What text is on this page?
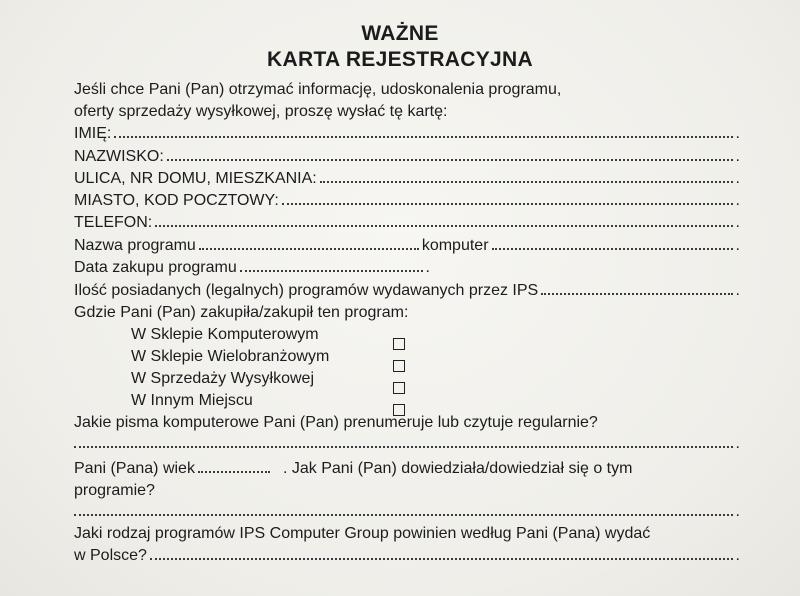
WAŻNE
KARTA REJESTRACYJNA
Jeśli chce Pani (Pan) otrzymać informację, udoskonalenia programu,
oferty sprzedaży wysyłkowej, proszę wysłać tę kartę:
IMIĘ:	.
NAZWISKO:	.
ULICA, NR DOMU, MIESZKANIA:	.
MIASTO, KOD POCZTOWY:	.
TELEFON:	.
Nazwa programu	komputer	.
Data zakupu programu	.
Ilość posiadanych (legalnych) programów wydawanych przez IPS	.
Gdzie Pani (Pan) zakupiła/zakupił ten program:
W Sklepie Komputerowym
W Sklepie Wielobranżowym
W Sprzedaży Wysyłkowej
W Innym Miejscu
Jakie pisma komputerowe Pani (Pan) prenumeruje lub czytuje regularnie?
.
Pani (Pana) wiek	. Jak Pani (Pan) dowiedziała/dowiedział się o tym
programie?
.
Jaki rodzaj programów IPS Computer Group powinien według Pani (Pana) wydać
w Polsce?	.
